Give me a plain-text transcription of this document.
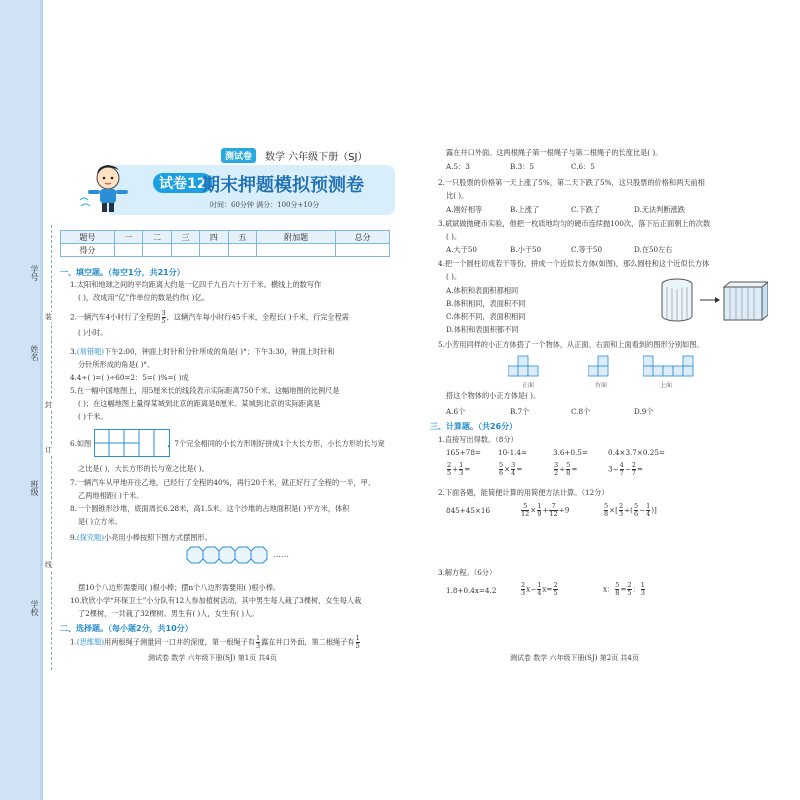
学号
姓名
班级
学校
装
封
订
线
测试卷	数学 六年级下册（SJ）
试卷12
期末押题模拟预测卷
时间：60分钟 满分：100分+10分
题号	一	二	三	四	五	附加题	总分
得分							
一、填空题。（每空1分，共21分）
1.太阳和地球之间的平均距离大约是一亿四千九百六十万千米。横线上的数写作
( )，改成用“亿”作单位的数是约作( )亿。
2.一辆汽车4小时行了全程的 $\frac{3}{5}$ ，这辆汽车每小时行45千米，全程长( )千米，行完全程需
( )小时。
3.(易错题)下午2:00，钟面上时针和分针所成的角是( )°；下午3:30，钟面上时针和
分针所形成的角是( )°。
4.4÷( )=( )÷60=2：5=( )%=( )成
5.在一幅中国地图上，用5厘米长的线段表示实际距离750千米。这幅地图的比例尺是
( )；在这幅地图上量得某城到北京的距离是8厘米。某城到北京的实际距离是
( )千米。
6.如图	，7个完全相同的小长方形刚好拼成1个大长方形，小长方形的长与宽
之比是( )，大长方形的长与宽之比是( )。
7.一辆汽车从甲地开往乙地，已经行了全程的40%，再行20千米，就正好行了全程的一半，甲、
乙两地相距( )千米。
8.一个圆锥形沙堆，底面周长6.28米，高1.5米。这个沙堆的占地面积是( )平方米，体积
是( )立方米。
9.(探究题)小亮用小棒按照下图方式摆图形。
……
摆10个八边形需要用( )根小棒；摆n个八边形需要用( )根小棒。
10.欣欣小学“环保卫士”小分队有12人参加植树活动，其中男生每人栽了3棵树，女生每人栽
了2棵树，一共栽了32棵树。男生有( )人，女生有( )人。
二、选择题。（每小题2分，共10分）
1.(思维题)用两根绳子测量同一口井的深度，第一根绳子有 $\frac{1}{3}$ 露在井口外面，第二根绳子有 $\frac{1}{5}$
测试卷 数学 六年级下册(SJ) 第1页 共4页
露在井口外面。这两根绳子第一根绳子与第二根绳子的长度比是( )。
A.5：3	B.3：5	C.6：5
2.一只股票的价格第一天上涨了5%，第二天下跌了5%，这只股票的价格和两天前相
比( )。
A.刚好相等	B.上涨了	C.下跌了	D.无法判断涨跌
3.斌斌做抛硬币实验，他把一枚质地均匀的硬币连续抛100次，落下后正面朝上的次数
( )。
A.大于50	B.小于50	C.等于50	D.在50左右
4.把一个圆柱切成若干等份，拼成一个近似长方体(如图)，那么圆柱和这个近似长方体
( )。
A.体积和表面积都相同
B.体积相同，表面积不同
C.体积不同，表面积相同
D.体积和表面积都不同
5.小芳用同样的小正方体搭了一个物体，从正面、右面和上面看到的图形分别如图。
正面	右面	上面
搭这个物体的小正方体是( )。
A.6个	B.7个	C.8个	D.9个
三、计算题。（共26分）
1.直接写出得数。（8分）
165+78= 10-1.4=	3.6+0.5=	0.4×3.7×0.25=
$\frac{2}{5} + \frac{1}{3}$ =	$\frac{5}{6} \times \frac{3}{4}$ =	$\frac{3}{2} \div \frac{5}{8}$ =	$3- \frac{4}{7} - \frac{2}{7}$ =
2.下面各题，能简便计算的用简便方法计算。（12分）
845+45×16	$\frac{5}{12} \times \frac{1}{9} + \frac{7}{12} \div 9$	$\frac{5}{8}$ ×[ $\frac{2}{3}$ ÷( $\frac{5}{6} - \frac{1}{4}$ )]
3.解方程。（6分）
1.8+0.4x=4.2	$\frac{2}{3} x- \frac{1}{4} x= \frac{2}{5}$	x： $\frac{5}{8} = \frac{2}{5}$ ： $\frac{1}{3}$
测试卷 数学 六年级下册(SJ) 第2页 共4页
